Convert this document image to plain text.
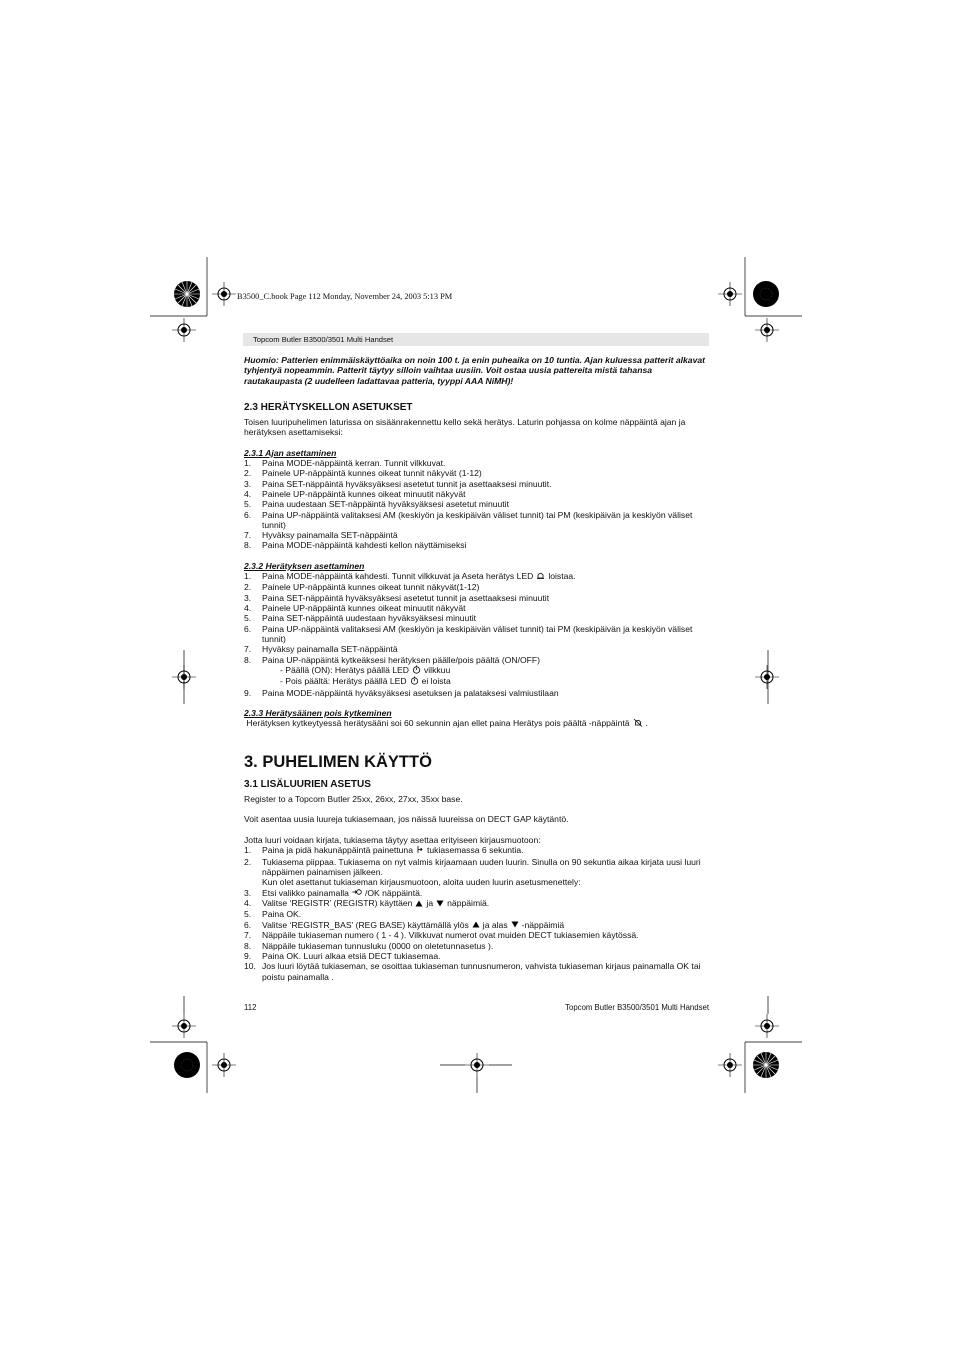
B3500_C.book Page 112 Monday, November 24, 2003 5:13 PM
Topcom Butler B3500/3501 Multi Handset

Huomio: Patterien enimmäiskäyttöaika on noin 100 t. ja enin puheaika on 10 tuntia. Ajan kuluessa patterit alkavat tyhjentyä nopeammin. Patterit täytyy silloin vaihtaa uusiin. Voit ostaa uusia pattereita mistä tahansa rautakaupasta (2 uudelleen ladattavaa patteria, tyyppi AAA NiMH)!

2.3 HERÄTYSKELLON ASETUKSET

Toisen luuripuhelimen laturissa on sisäänrakennettu kello sekä herätys. Laturin pohjassa on kolme näppäintä ajan ja herätyksen asettamiseksi:

2.3.1 Ajan asettaminen
1. Paina MODE-näppäintä kerran. Tunnit vilkkuvat.
2. Painele UP-näppäintä kunnes oikeat tunnit näkyvät (1-12)
3. Paina SET-näppäintä hyväksyäksesi asetetut tunnit ja asettaaksesi minuutit.
4. Painele UP-näppäintä kunnes oikeat minuutit näkyvät
5. Paina uudestaan SET-näppäintä hyväksyäksesi asetetut minuutit
6. Paina UP-näppäintä valitaksesi AM (keskiyön ja keskipäivän väliset tunnit) tai PM (keskipäivän ja keskiyön väliset tunnit)
7. Hyväksy painamalla SET-näppäintä
8. Paina MODE-näppäintä kahdesti kellon näyttämiseksi
2.3.2 Herätyksen asettaminen
1. Paina MODE-näppäintä kahdesti. Tunnit vilkkuvat ja Aseta herätys LED loistaa.
2. Painele UP-näppäintä kunnes oikeat tunnit näkyvät(1-12)
3. Paina SET-näppäintä hyväksyäksesi asetetut tunnit ja asettaaksesi minuutit
4. Painele UP-näppäintä kunnes oikeat minuutit näkyvät
5. Paina SET-näppäintä uudestaan hyväksyäksesi minuutit
6. Paina UP-näppäintä valitaksesi AM (keskiyön ja keskipäivän väliset tunnit) tai PM (keskipäivän ja keskiyön väliset tunnit)
7. Hyväksy painamalla SET-näppäintä
8. Paina UP-näppäintä kytkeäksesi herätyksen päälle/pois päältä (ON/OFF)
- Päällä (ON): Herätys päällä LED vilkkuu
- Pois päältä: Herätys päällä LED ei loista
9. Paina MODE-näppäintä hyväksyäksesi asetuksen ja palataksesi valmiustilaan
2.3.3 Herätysäänen pois kytkeminen

Herätyksen kytkeytyessä herätysääni soi 60 sekunnin ajan ellet paina Herätys pois päältä -näppäintä .

3. PUHELIMEN KÄYTTÖ
3.1 LISÄLUURIEN ASETUS

Register to a Topcom Butler 25xx, 26xx, 27xx, 35xx base.

Voit asentaa uusia luureja tukiasemaan, jos näissä luureissa on DECT GAP käytäntö.

Jotta luuri voidaan kirjata, tukiasema täytyy asettaa erityiseen kirjausmuotoon:

1. Paina ja pidä hakunäppäintä painettuna tukiasemassa 6 sekuntia.
2. Tukiasema piippaa. Tukiasema on nyt valmis kirjaamaan uuden luurin. Sinulla on 90 sekuntia aikaa kirjata uusi luuri näppäimen painamisen jälkeen.
Kun olet asettanut tukiaseman kirjausmuotoon, aloita uuden luurin asetusmenettely:
3. Etsi valikko painamalla /OK näppäintä.
4. Valitse ‘REGISTR’ (REGISTR) käyttäen ja näppäimiä.
5. Paina OK.
6. Valitse ‘REGISTR_BAS’ (REG BASE) käyttämällä ylös ja alas -näppäimiä
7. Näppäile tukiaseman numero ( 1 - 4 ). Vilkkuvat numerot ovat muiden DECT tukiasemien käytössä.
8. Näppäile tukiaseman tunnusluku (0000 on oletetunnasetus ).
9. Paina OK. Luuri alkaa etsiä DECT tukiasemaa.
10. Jos luuri löytää tukiaseman, se osoittaa tukiaseman tunnusnumeron, vahvista tukiaseman kirjaus painamalla OK tai poistu painamalla .
112	Topcom Butler B3500/3501 Multi Handset
